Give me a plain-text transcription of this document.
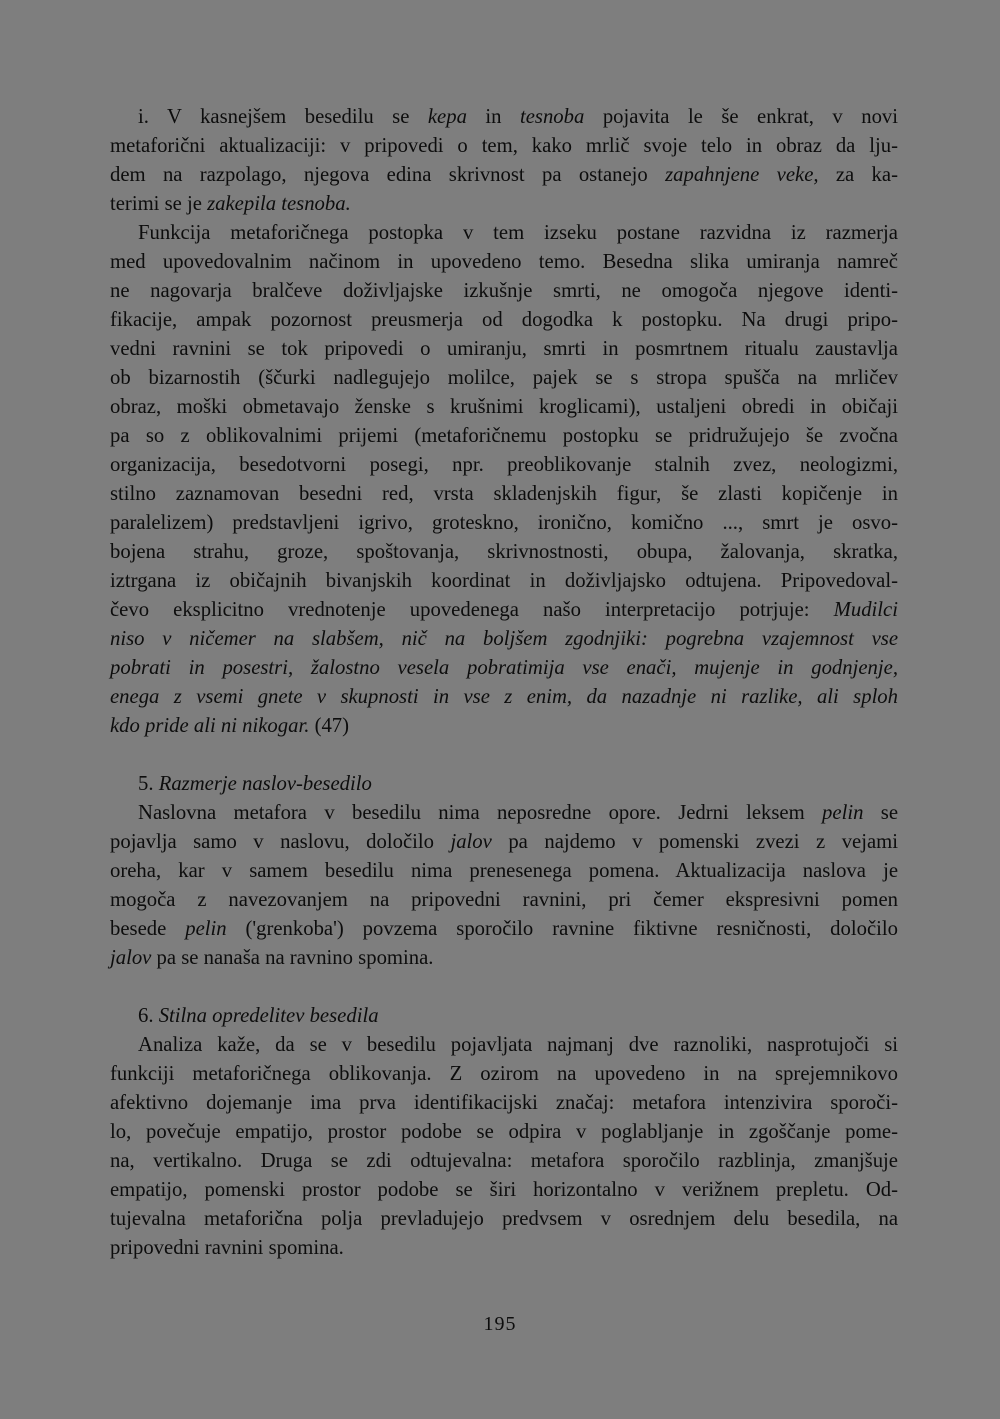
i. V kasnejšem besedilu se kepa in tesnoba pojavita le še enkrat, v novi
metaforični aktualizaciji: v pripovedi o tem, kako mrlič svoje telo in obraz da lju-
dem na razpolago, njegova edina skrivnost pa ostanejo zapahnjene veke, za ka-
terimi se je zakepila tesnoba.
Funkcija metaforičnega postopka v tem izseku postane razvidna iz razmerja
med upovedovalnim načinom in upovedeno temo. Besedna slika umiranja namreč
ne nagovarja bralčeve doživljajske izkušnje smrti, ne omogoča njegove identi-
fikacije, ampak pozornost preusmerja od dogodka k postopku. Na drugi pripo-
vedni ravnini se tok pripovedi o umiranju, smrti in posmrtnem ritualu zaustavlja
ob bizarnostih (ščurki nadlegujejo molilce, pajek se s stropa spušča na mrličev
obraz, moški obmetavajo ženske s krušnimi kroglicami), ustaljeni obredi in običaji
pa so z oblikovalnimi prijemi (metaforičnemu postopku se pridružujejo še zvočna
organizacija, besedotvorni posegi, npr. preoblikovanje stalnih zvez, neologizmi,
stilno zaznamovan besedni red, vrsta skladenjskih figur, še zlasti kopičenje in
paralelizem) predstavljeni igrivo, groteskno, ironično, komično ..., smrt je osvo-
bojena strahu, groze, spoštovanja, skrivnostnosti, obupa, žalovanja, skratka,
iztrgana iz običajnih bivanjskih koordinat in doživljajsko odtujena. Pripovedoval-
čevo eksplicitno vrednotenje upovedenega našo interpretacijo potrjuje: Mudilci
niso v ničemer na slabšem, nič na boljšem zgodnjiki: pogrebna vzajemnost vse
pobrati in posestri, žalostno vesela pobratimija vse enači, mujenje in godnjenje,
enega z vsemi gnete v skupnosti in vse z enim, da nazadnje ni razlike, ali sploh
kdo pride ali ni nikogar. (47)
5. Razmerje naslov-besedilo
Naslovna metafora v besedilu nima neposredne opore. Jedrni leksem pelin se
pojavlja samo v naslovu, določilo jalov pa najdemo v pomenski zvezi z vejami
oreha, kar v samem besedilu nima prenesenega pomena. Aktualizacija naslova je
mogoča z navezovanjem na pripovedni ravnini, pri čemer ekspresivni pomen
besede pelin ('grenkoba') povzema sporočilo ravnine fiktivne resničnosti, določilo
jalov pa se nanaša na ravnino spomina.
6. Stilna opredelitev besedila
Analiza kaže, da se v besedilu pojavljata najmanj dve raznoliki, nasprotujoči si
funkciji metaforičnega oblikovanja. Z ozirom na upovedeno in na sprejemnikovo
afektivno dojemanje ima prva identifikacijski značaj: metafora intenzivira sporoči-
lo, povečuje empatijo, prostor podobe se odpira v poglabljanje in zgoščanje pome-
na, vertikalno. Druga se zdi odtujevalna: metafora sporočilo razblinja, zmanjšuje
empatijo, pomenski prostor podobe se širi horizontalno v verižnem prepletu. Od-
tujevalna metaforična polja prevladujejo predvsem v osrednjem delu besedila, na
pripovedni ravnini spomina.
195
